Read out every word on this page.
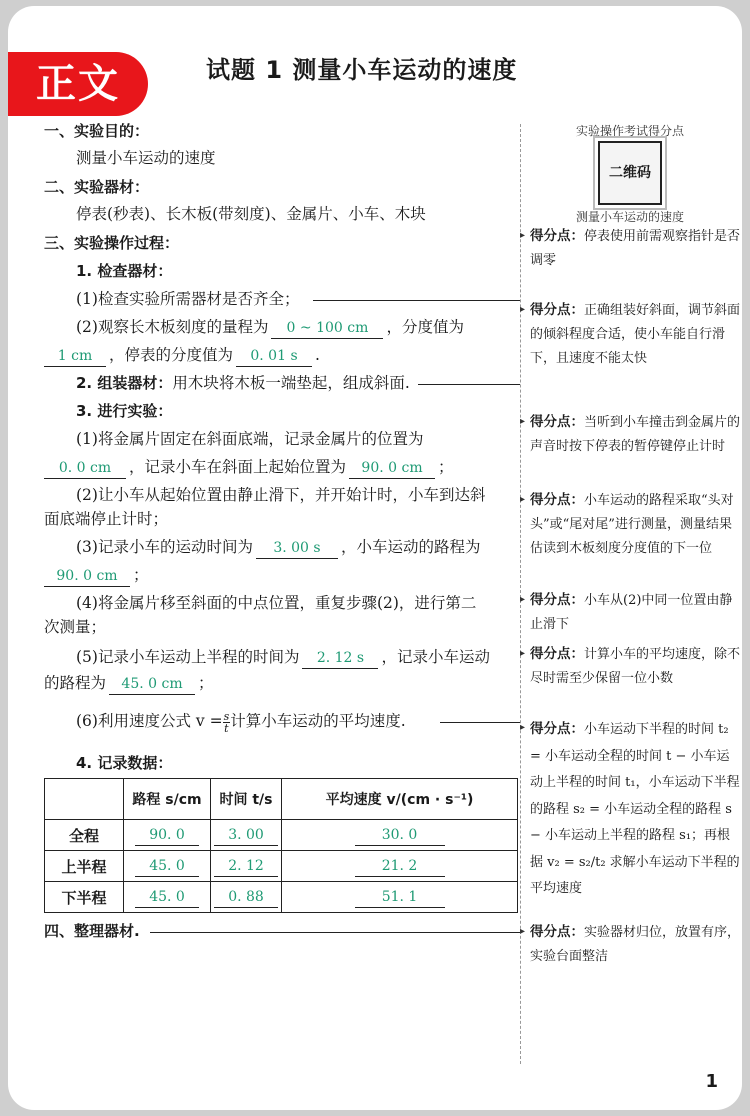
正文	试题 1 测量小车运动的速度
实验操作考试得分点
二维码
测量小车运动的速度
一、实验目的：
测量小车运动的速度
二、实验器材：
停表(秒表)、长木板(带刻度)、金属片、小车、木块
三、实验操作过程：
1. 检查器材：
(1)检查实验所需器材是否齐全；
(2)观察长木板刻度的量程为 0 ~ 100 cm ，分度值为
1 cm ，停表的分度值为 0. 01 s .
2. 组装器材：用木块将木板一端垫起，组成斜面.
3. 进行实验：
(1)将金属片固定在斜面底端，记录金属片的位置为
0. 0 cm ，记录小车在斜面上起始位置为 90. 0 cm ；
(2)让小车从起始位置由静止滑下，并开始计时，小车到达斜
面底端停止计时；
(3)记录小车的运动时间为 3. 00 s ，小车运动的路程为
90. 0 cm ；
(4)将金属片移至斜面的中点位置，重复步骤(2)，进行第二
次测量；
(5)记录小车运动上半程的时间为 2. 12 s ，记录小车运动
的路程为 45. 0 cm ；
(6)利用速度公式 $v = \frac{s}{t}$ 计算小车运动的平均速度.
4. 记录数据：
	路程 s/cm	时间 t/s	平均速度 v/(cm · s⁻¹)
全程	90. 0	3. 00	30. 0
上半程	45. 0	2. 12	21. 2
下半程	45. 0	0. 88	51. 1
四、整理器材.
▸ 得分点：停表使用前需观察指针是否调零
▸ 得分点：正确组装好斜面，调节斜面的倾斜程度合适，使小车能自行滑下，且速度不能太快
▸ 得分点：当听到小车撞击到金属片的声音时按下停表的暂停键停止计时
▸ 得分点：小车运动的路程采取“头对头”或“尾对尾”进行测量，测量结果估读到木板刻度分度值的下一位
▸ 得分点：小车从(2)中同一位置由静止滑下
▸ 得分点：计算小车的平均速度，除不尽时需至少保留一位小数
▸ 得分点：小车运动下半程的时间 t₂ = 小车运动全程的时间 t − 小车运动上半程的时间 t₁，小车运动下半程的路程 s₂ = 小车运动全程的路程 s − 小车运动上半程的路程 s₁；再根据 v₂ = s₂/t₂ 求解小车运动下半程的平均速度
▸ 得分点：实验器材归位，放置有序，实验台面整洁
1
